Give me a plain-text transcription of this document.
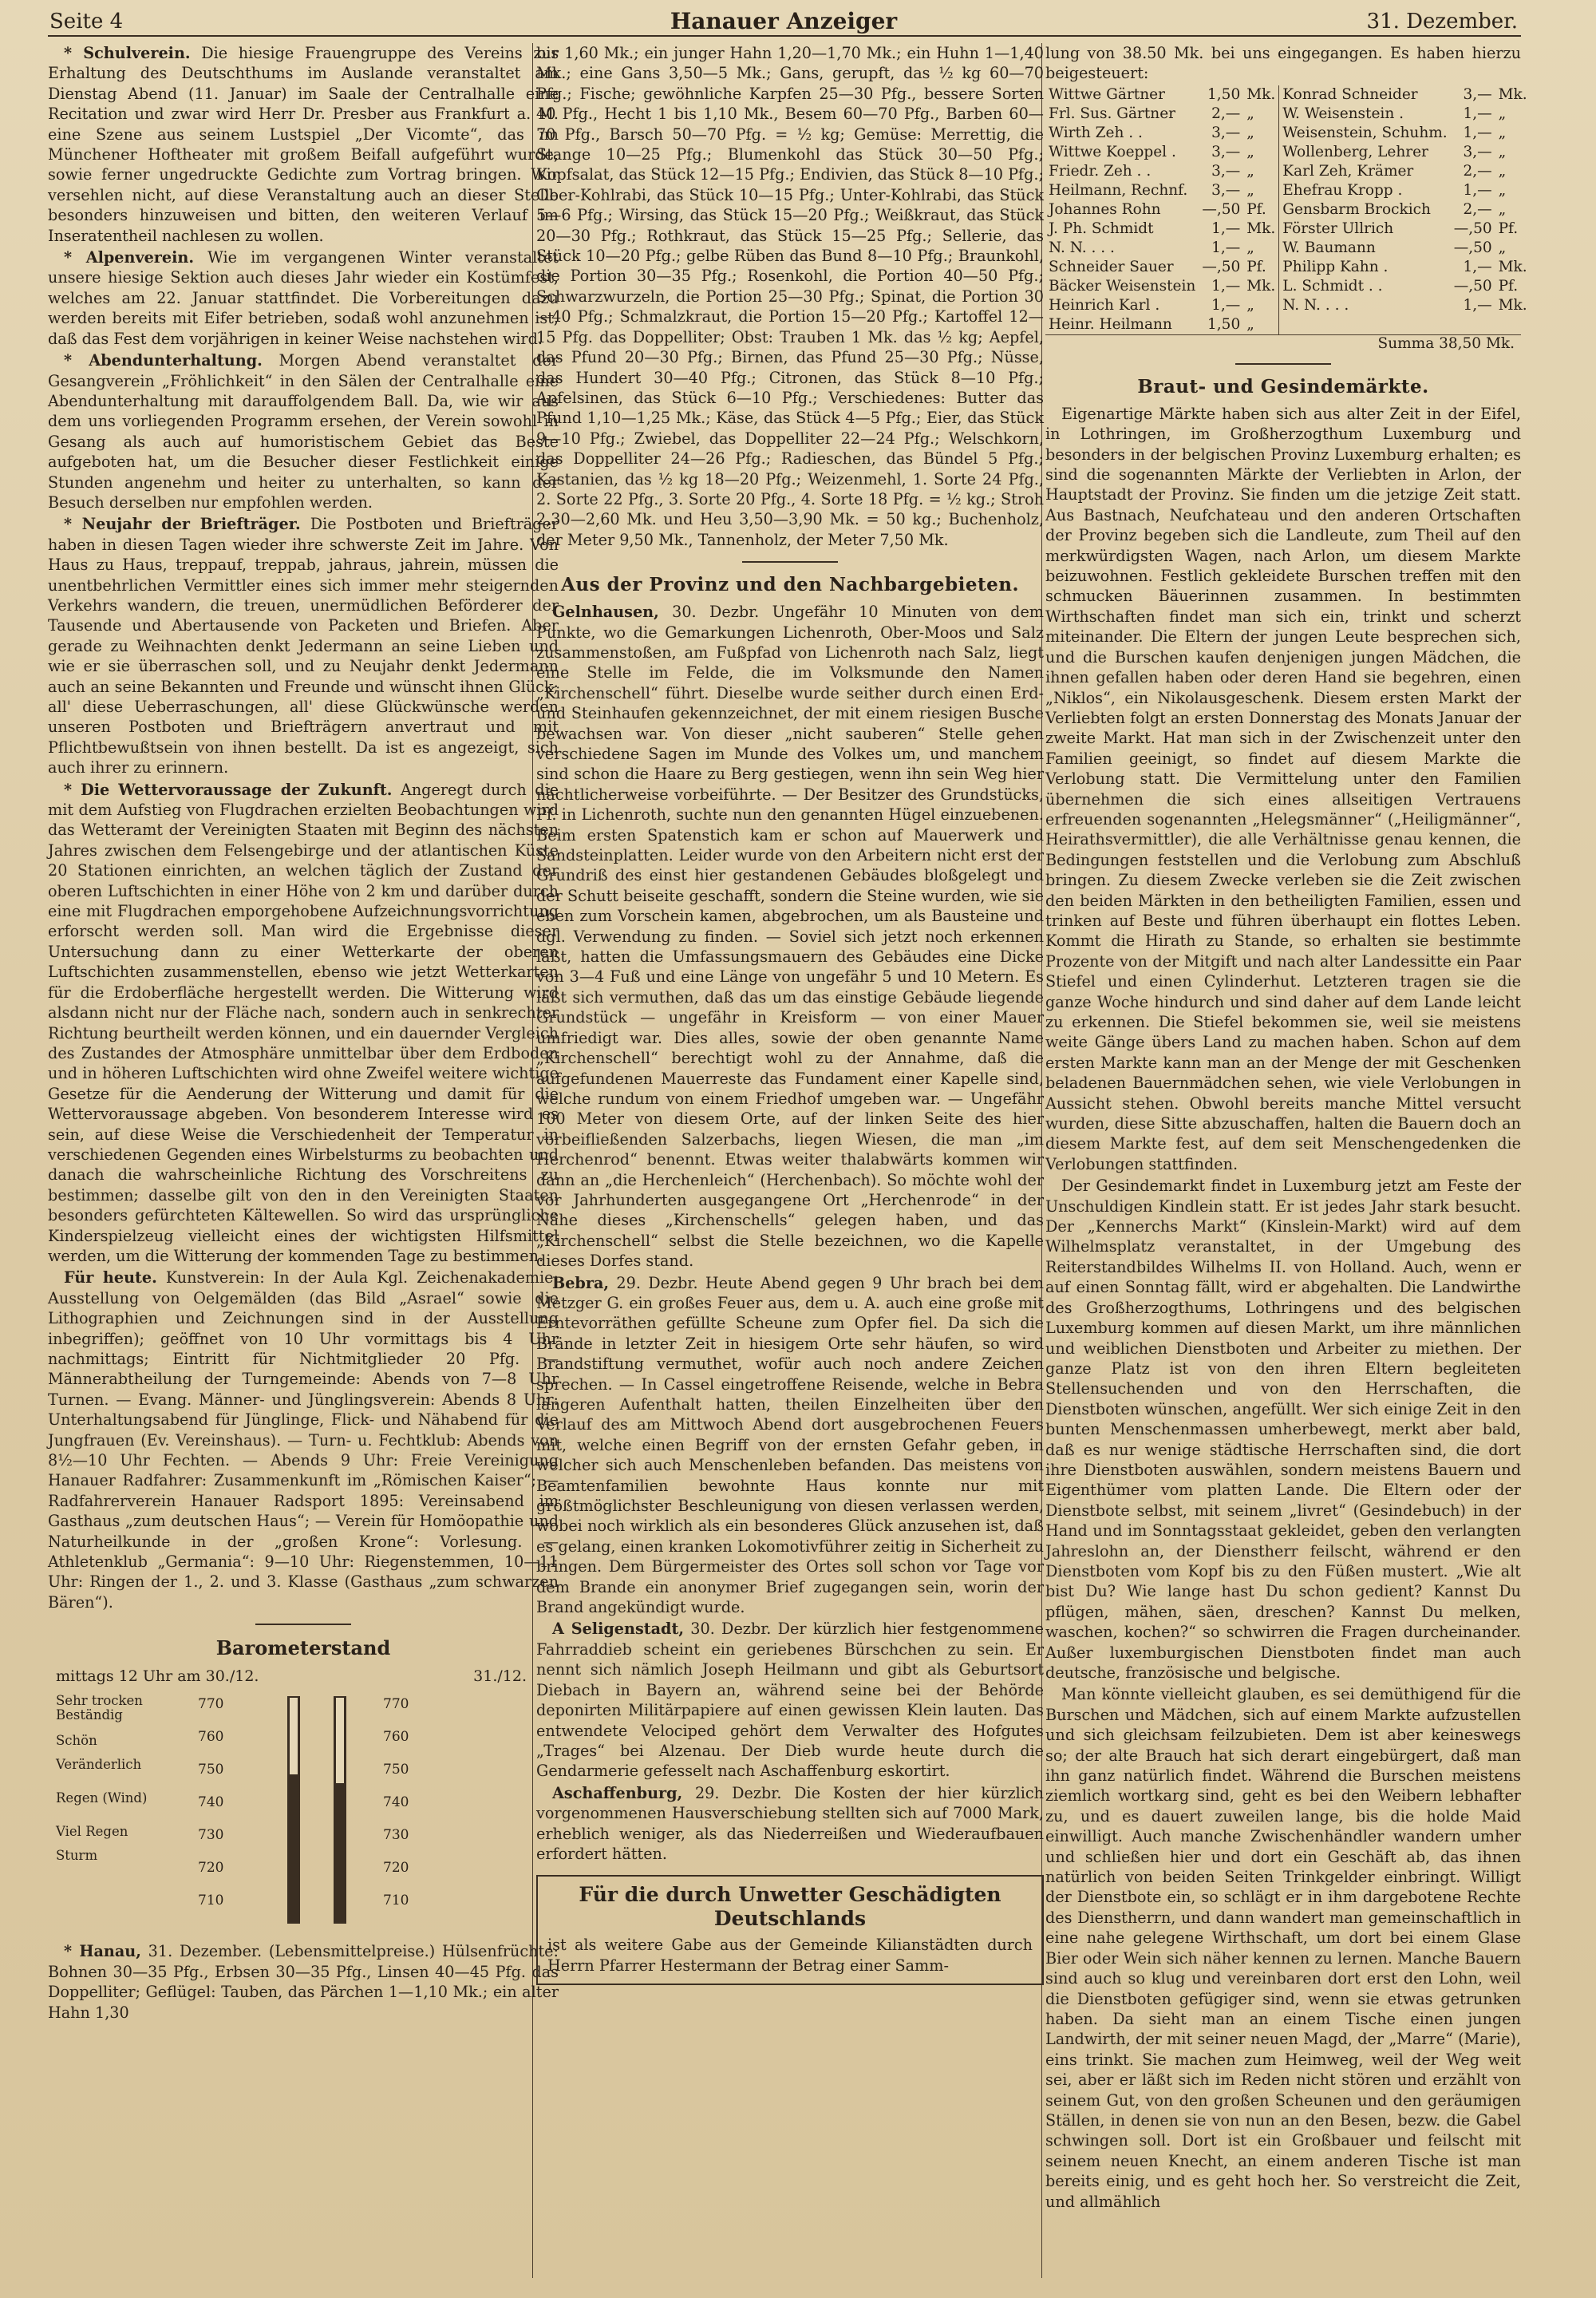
Seite 4	Hanauer Anzeiger	31. Dezember.

* Schulverein. Die hiesige Frauengruppe des Vereins zur Erhaltung des Deutschthums im Auslande veranstaltet am Dienstag Abend (11. Januar) im Saale der Centralhalle eine Recitation und zwar wird Herr Dr. Presber aus Frankfurt a. M. eine Szene aus seinem Lustspiel „Der Vicomte“, das im Münchener Hoftheater mit großem Beifall aufgeführt wurde, sowie ferner ungedruckte Gedichte zum Vortrag bringen. Wir versehlen nicht, auf diese Veranstaltung auch an dieser Stelle besonders hinzuweisen und bitten, den weiteren Verlauf im Inseratentheil nachlesen zu wollen.

* Alpenverein. Wie im vergangenen Winter veranstaltet unsere hiesige Sektion auch dieses Jahr wieder ein Kostümfest, welches am 22. Januar stattfindet. Die Vorbereitungen dazu werden bereits mit Eifer betrieben, sodaß wohl anzunehmen ist, daß das Fest dem vorjährigen in keiner Weise nachstehen wird.

* Abendunterhaltung. Morgen Abend veranstaltet der Gesangverein „Fröhlichkeit“ in den Sälen der Centralhalle eine Abendunterhaltung mit darauffolgendem Ball. Da, wie wir aus dem uns vorliegenden Programm ersehen, der Verein sowohl in Gesang als auch auf humoristischem Gebiet das Beste aufgeboten hat, um die Besucher dieser Festlichkeit einige Stunden angenehm und heiter zu unterhalten, so kann der Besuch derselben nur empfohlen werden.

* Neujahr der Briefträger. Die Postboten und Briefträger haben in diesen Tagen wieder ihre schwerste Zeit im Jahre. Von Haus zu Haus, treppauf, treppab, jahraus, jahrein, müssen die unentbehrlichen Vermittler eines sich immer mehr steigernden Verkehrs wandern, die treuen, unermüdlichen Beförderer der Tausende und Abertausende von Packeten und Briefen. Aber gerade zu Weihnachten denkt Jedermann an seine Lieben und wie er sie überraschen soll, und zu Neujahr denkt Jedermann auch an seine Bekannten und Freunde und wünscht ihnen Glück; all' diese Ueberraschungen, all' diese Glückwünsche werden unseren Postboten und Briefträgern anvertraut und mit Pflichtbewußtsein von ihnen bestellt. Da ist es angezeigt, sich auch ihrer zu erinnern.

* Die Wettervoraussage der Zukunft. Angeregt durch die mit dem Aufstieg von Flugdrachen erzielten Beobachtungen wird das Wetteramt der Vereinigten Staaten mit Beginn des nächsten Jahres zwischen dem Felsengebirge und der atlantischen Küste 20 Stationen einrichten, an welchen täglich der Zustand der oberen Luftschichten in einer Höhe von 2 km und darüber durch eine mit Flugdrachen emporgehobene Aufzeichnungsvorrichtung erforscht werden soll. Man wird die Ergebnisse dieser Untersuchung dann zu einer Wetterkarte der oberen Luftschichten zusammenstellen, ebenso wie jetzt Wetterkarten für die Erdoberfläche hergestellt werden. Die Witterung wird alsdann nicht nur der Fläche nach, sondern auch in senkrechter Richtung beurtheilt werden können, und ein dauernder Vergleich des Zustandes der Atmosphäre unmittelbar über dem Erdboden und in höheren Luftschichten wird ohne Zweifel weitere wichtige Gesetze für die Aenderung der Witterung und damit für die Wettervoraussage abgeben. Von besonderem Interesse wird es sein, auf diese Weise die Verschiedenheit der Temperatur in verschiedenen Gegenden eines Wirbelsturms zu beobachten und danach die wahrscheinliche Richtung des Vorschreitens zu bestimmen; dasselbe gilt von den in den Vereinigten Staaten besonders gefürchteten Kältewellen. So wird das ursprüngliche Kinderspielzeug vielleicht eines der wichtigsten Hilfsmittel werden, um die Witterung der kommenden Tage zu bestimmen.

Für heute. Kunstverein: In der Aula Kgl. Zeichenakademie: Ausstellung von Oelgemälden (das Bild „Asrael“ sowie die Lithographien und Zeichnungen sind in der Ausstellung inbegriffen); geöffnet von 10 Uhr vormittags bis 4 Uhr nachmittags; Eintritt für Nichtmitglieder 20 Pfg. — Männerabtheilung der Turngemeinde: Abends von 7—8 Uhr Turnen. — Evang. Männer- und Jünglingsverein: Abends 8 Uhr: Unterhaltungsabend für Jünglinge, Flick- und Nähabend für die Jungfrauen (Ev. Vereinshaus). — Turn- u. Fechtklub: Abends von 8½—10 Uhr Fechten. — Abends 9 Uhr: Freie Vereinigung Hanauer Radfahrer: Zusammenkunft im „Römischen Kaiser“; — Radfahrerverein Hanauer Radsport 1895: Vereinsabend im Gasthaus „zum deutschen Haus“; — Verein für Homöopathie und Naturheilkunde in der „großen Krone“: Vorlesung. — Athletenklub „Germania“: 9—10 Uhr: Riegenstemmen, 10—11 Uhr: Ringen der 1., 2. und 3. Klasse (Gasthaus „zum schwarzen Bären“).

Barometerstand
mittags 12 Uhr am 30./12.	31./12.
Sehr trocken
Beständig
Schön
Veränderlich
Regen (Wind)
Viel Regen
Sturm
770
760
750
740
730
720
710
770
760
750
740
730
720
710

* Hanau, 31. Dezember. (Lebensmittelpreise.) Hülsenfrüchte: Bohnen 30—35 Pfg., Erbsen 30—35 Pfg., Linsen 40—45 Pfg. das Doppelliter; Geflügel: Tauben, das Pärchen 1—1,10 Mk.; ein alter Hahn 1,30

bis 1,60 Mk.; ein junger Hahn 1,20—1,70 Mk.; ein Huhn 1—1,40 Mk.; eine Gans 3,50—5 Mk.; Gans, gerupft, das ½ kg 60—70 Pfg.; Fische; gewöhnliche Karpfen 25—30 Pfg., bessere Sorten 40 Pfg., Hecht 1 bis 1,10 Mk., Besem 60—70 Pfg., Barben 60—70 Pfg., Barsch 50—70 Pfg. = ½ kg; Gemüse: Merrettig, die Stange 10—25 Pfg.; Blumenkohl das Stück 30—50 Pfg.; Kopfsalat, das Stück 12—15 Pfg.; Endivien, das Stück 8—10 Pfg.; Ober-Kohlrabi, das Stück 10—15 Pfg.; Unter-Kohlrabi, das Stück 5—6 Pfg.; Wirsing, das Stück 15—20 Pfg.; Weißkraut, das Stück 20—30 Pfg.; Rothkraut, das Stück 15—25 Pfg.; Sellerie, das Stück 10—20 Pfg.; gelbe Rüben das Bund 8—10 Pfg.; Braunkohl, die Portion 30—35 Pfg.; Rosenkohl, die Portion 40—50 Pfg.; Schwarzwurzeln, die Portion 25—30 Pfg.; Spinat, die Portion 30—40 Pfg.; Schmalzkraut, die Portion 15—20 Pfg.; Kartoffel 12—15 Pfg. das Doppelliter; Obst: Trauben 1 Mk. das ½ kg; Aepfel, das Pfund 20—30 Pfg.; Birnen, das Pfund 25—30 Pfg.; Nüsse, das Hundert 30—40 Pfg.; Citronen, das Stück 8—10 Pfg.; Apfelsinen, das Stück 6—10 Pfg.; Verschiedenes: Butter das Pfund 1,10—1,25 Mk.; Käse, das Stück 4—5 Pfg.; Eier, das Stück 9—10 Pfg.; Zwiebel, das Doppelliter 22—24 Pfg.; Welschkorn, das Doppelliter 24—26 Pfg.; Radieschen, das Bündel 5 Pfg.; Kastanien, das ½ kg 18—20 Pfg.; Weizenmehl, 1. Sorte 24 Pfg., 2. Sorte 22 Pfg., 3. Sorte 20 Pfg., 4. Sorte 18 Pfg. = ½ kg.; Stroh 2,30—2,60 Mk. und Heu 3,50—3,90 Mk. = 50 kg.; Buchenholz, der Meter 9,50 Mk., Tannenholz, der Meter 7,50 Mk.

Aus der Provinz und den Nachbargebieten.

Gelnhausen, 30. Dezbr. Ungefähr 10 Minuten von dem Punkte, wo die Gemarkungen Lichenroth, Ober-Moos und Salz zusammenstoßen, am Fußpfad von Lichenroth nach Salz, liegt eine Stelle im Felde, die im Volksmunde den Namen „Kirchenschell“ führt. Dieselbe wurde seither durch einen Erd- und Steinhaufen gekennzeichnet, der mit einem riesigen Busche bewachsen war. Von dieser „nicht sauberen“ Stelle gehen verschiedene Sagen im Munde des Volkes um, und manchem sind schon die Haare zu Berg gestiegen, wenn ihn sein Weg hier nächtlicherweise vorbeiführte. — Der Besitzer des Grundstücks, Pf. in Lichenroth, suchte nun den genannten Hügel einzuebenen. Beim ersten Spatenstich kam er schon auf Mauerwerk und Sandsteinplatten. Leider wurde von den Arbeitern nicht erst der Grundriß des einst hier gestandenen Gebäudes bloßgelegt und der Schutt beiseite geschafft, sondern die Steine wurden, wie sie eben zum Vorschein kamen, abgebrochen, um als Bausteine und dgl. Verwendung zu finden. — Soviel sich jetzt noch erkennen läßt, hatten die Umfassungsmauern des Gebäudes eine Dicke von 3—4 Fuß und eine Länge von ungefähr 5 und 10 Metern. Es läßt sich vermuthen, daß das um das einstige Gebäude liegende Grundstück — ungefähr in Kreisform — von einer Mauer umfriedigt war. Dies alles, sowie der oben genannte Name „Kirchenschell“ berechtigt wohl zu der Annahme, daß die aufgefundenen Mauerreste das Fundament einer Kapelle sind, welche rundum von einem Friedhof umgeben war. — Ungefähr 100 Meter von diesem Orte, auf der linken Seite des hier vorbeifließenden Salzerbachs, liegen Wiesen, die man „im Herchenrod“ benennt. Etwas weiter thalabwärts kommen wir dann an „die Herchenleich“ (Herchenbach). So möchte wohl der vor Jahrhunderten ausgegangene Ort „Herchenrode“ in der Nähe dieses „Kirchenschells“ gelegen haben, und das „Kirchenschell“ selbst die Stelle bezeichnen, wo die Kapelle dieses Dorfes stand.

Bebra, 29. Dezbr. Heute Abend gegen 9 Uhr brach bei dem Metzger G. ein großes Feuer aus, dem u. A. auch eine große mit Erntevorräthen gefüllte Scheune zum Opfer fiel. Da sich die Brände in letzter Zeit in hiesigem Orte sehr häufen, so wird Brandstiftung vermuthet, wofür auch noch andere Zeichen sprechen. — In Cassel eingetroffene Reisende, welche in Bebra längeren Aufenthalt hatten, theilen Einzelheiten über den Verlauf des am Mittwoch Abend dort ausgebrochenen Feuers mit, welche einen Begriff von der ernsten Gefahr geben, in welcher sich auch Menschenleben befanden. Das meistens von Beamtenfamilien bewohnte Haus konnte nur mit größtmöglichster Beschleunigung von diesen verlassen werden, wobei noch wirklich als ein besonderes Glück anzusehen ist, daß es gelang, einen kranken Lokomotivführer zeitig in Sicherheit zu bringen. Dem Bürgermeister des Ortes soll schon vor Tage vor dem Brande ein anonymer Brief zugegangen sein, worin der Brand angekündigt wurde.

A Seligenstadt, 30. Dezbr. Der kürzlich hier festgenommene Fahrraddieb scheint ein geriebenes Bürschchen zu sein. Er nennt sich nämlich Joseph Heilmann und gibt als Geburtsort Diebach in Bayern an, während seine bei der Behörde deponirten Militärpapiere auf einen gewissen Klein lauten. Das entwendete Velociped gehört dem Verwalter des Hofgutes „Trages“ bei Alzenau. Der Dieb wurde heute durch die Gendarmerie gefesselt nach Aschaffenburg eskortirt.

Aschaffenburg, 29. Dezbr. Die Kosten der hier kürzlich vorgenommenen Hausverschiebung stellten sich auf 7000 Mark, erheblich weniger, als das Niederreißen und Wiederaufbauen erfordert hätten.

Für die durch Unwetter Geschädigten
Deutschlands

ist als weitere Gabe aus der Gemeinde Kilianstädten durch Herrn Pfarrer Hestermann der Betrag einer Samm-

lung von 38.50 Mk. bei uns eingegangen. Es haben hierzu beigesteuert:

Wittwe Gärtner	1,50	Mk.		Konrad Schneider	3,—	Mk.
Frl. Sus. Gärtner	2,—	„		W. Weisenstein .	1,—	„
Wirth Zeh . .	3,—	„		Weisenstein, Schuhm.	1,—	„
Wittwe Koeppel .	3,—	„		Wollenberg, Lehrer	3,—	„
Friedr. Zeh . .	3,—	„		Karl Zeh, Krämer	2,—	„
Heilmann, Rechnf.	3,—	„		Ehefrau Kropp .	1,—	„
Johannes Rohn	—,50	Pf.		Gensbarm Brockich	2,—	„
J. Ph. Schmidt	1,—	Mk.		Förster Ullrich	—,50	Pf.
N. N. . . .	1,—	„		W. Baumann	—,50	„
Schneider Sauer	—,50	Pf.		Philipp Kahn .	1,—	Mk.
Bäcker Weisenstein	1,—	Mk.		L. Schmidt . .	—,50	Pf.
Heinrich Karl .	1,—	„		N. N. . . .	1,—	Mk.
Heinr. Heilmann	1,50	„				
Summa 38,50 Mk.
Braut- und Gesindemärkte.

Eigenartige Märkte haben sich aus alter Zeit in der Eifel, in Lothringen, im Großherzogthum Luxemburg und besonders in der belgischen Provinz Luxemburg erhalten; es sind die sogenannten Märkte der Verliebten in Arlon, der Hauptstadt der Provinz. Sie finden um die jetzige Zeit statt. Aus Bastnach, Neufchateau und den anderen Ortschaften der Provinz begeben sich die Landleute, zum Theil auf den merkwürdigsten Wagen, nach Arlon, um diesem Markte beizuwohnen. Festlich gekleidete Burschen treffen mit den schmucken Bäuerinnen zusammen. In bestimmten Wirthschaften findet man sich ein, trinkt und scherzt miteinander. Die Eltern der jungen Leute besprechen sich, und die Burschen kaufen denjenigen jungen Mädchen, die ihnen gefallen haben oder deren Hand sie begehren, einen „Niklos“, ein Nikolausgeschenk. Diesem ersten Markt der Verliebten folgt an ersten Donnerstag des Monats Januar der zweite Markt. Hat man sich in der Zwischenzeit unter den Familien geeinigt, so findet auf diesem Markte die Verlobung statt. Die Vermittelung unter den Familien übernehmen die sich eines allseitigen Vertrauens erfreuenden sogenannten „Helegsmänner“ („Heiligmänner“, Heirathsvermittler), die alle Verhältnisse genau kennen, die Bedingungen feststellen und die Verlobung zum Abschluß bringen. Zu diesem Zwecke verleben sie die Zeit zwischen den beiden Märkten in den betheiligten Familien, essen und trinken auf Beste und führen überhaupt ein flottes Leben. Kommt die Hirath zu Stande, so erhalten sie bestimmte Prozente von der Mitgift und nach alter Landessitte ein Paar Stiefel und einen Cylinderhut. Letzteren tragen sie die ganze Woche hindurch und sind daher auf dem Lande leicht zu erkennen. Die Stiefel bekommen sie, weil sie meistens weite Gänge übers Land zu machen haben. Schon auf dem ersten Markte kann man an der Menge der mit Geschenken beladenen Bauernmädchen sehen, wie viele Verlobungen in Aussicht stehen. Obwohl bereits manche Mittel versucht wurden, diese Sitte abzuschaffen, halten die Bauern doch an diesem Markte fest, auf dem seit Menschengedenken die Verlobungen stattfinden.

Der Gesindemarkt findet in Luxemburg jetzt am Feste der Unschuldigen Kindlein statt. Er ist jedes Jahr stark besucht. Der „Kennerchs Markt“ (Kinslein-Markt) wird auf dem Wilhelmsplatz veranstaltet, in der Umgebung des Reiterstandbildes Wilhelms II. von Holland. Auch, wenn er auf einen Sonntag fällt, wird er abgehalten. Die Landwirthe des Großherzogthums, Lothringens und des belgischen Luxemburg kommen auf diesen Markt, um ihre männlichen und weiblichen Dienstboten und Arbeiter zu miethen. Der ganze Platz ist von den ihren Eltern begleiteten Stellensuchenden und von den Herrschaften, die Dienstboten wünschen, angefüllt. Wer sich einige Zeit in den bunten Menschenmassen umherbewegt, merkt aber bald, daß es nur wenige städtische Herrschaften sind, die dort ihre Dienstboten auswählen, sondern meistens Bauern und Eigenthümer vom platten Lande. Die Eltern oder der Dienstbote selbst, mit seinem „livret“ (Gesindebuch) in der Hand und im Sonntagsstaat gekleidet, geben den verlangten Jahreslohn an, der Dienstherr feilscht, während er den Dienstboten vom Kopf bis zu den Füßen mustert. „Wie alt bist Du? Wie lange hast Du schon gedient? Kannst Du pflügen, mähen, säen, dreschen? Kannst Du melken, waschen, kochen?“ so schwirren die Fragen durcheinander. Außer luxemburgischen Dienstboten findet man auch deutsche, französische und belgische.

Man könnte vielleicht glauben, es sei demüthigend für die Burschen und Mädchen, sich auf einem Markte aufzustellen und sich gleichsam feilzubieten. Dem ist aber keineswegs so; der alte Brauch hat sich derart eingebürgert, daß man ihn ganz natürlich findet. Während die Burschen meistens ziemlich wortkarg sind, geht es bei den Weibern lebhafter zu, und es dauert zuweilen lange, bis die holde Maid einwilligt. Auch manche Zwischenhändler wandern umher und schließen hier und dort ein Geschäft ab, das ihnen natürlich von beiden Seiten Trinkgelder einbringt. Willigt der Dienstbote ein, so schlägt er in ihm dargebotene Rechte des Dienstherrn, und dann wandert man gemeinschaftlich in eine nahe gelegene Wirthschaft, um dort bei einem Glase Bier oder Wein sich näher kennen zu lernen. Manche Bauern sind auch so klug und vereinbaren dort erst den Lohn, weil die Dienstboten gefügiger sind, wenn sie etwas getrunken haben. Da sieht man an einem Tische einen jungen Landwirth, der mit seiner neuen Magd, der „Marre“ (Marie), eins trinkt. Sie machen zum Heimweg, weil der Weg weit sei, aber er läßt sich im Reden nicht stören und erzählt von seinem Gut, von den großen Scheunen und den geräumigen Ställen, in denen sie von nun an den Besen, bezw. die Gabel schwingen soll. Dort ist ein Großbauer und feilscht mit seinem neuen Knecht, an einem anderen Tische ist man bereits einig, und es geht hoch her. So verstreicht die Zeit, und allmählich
